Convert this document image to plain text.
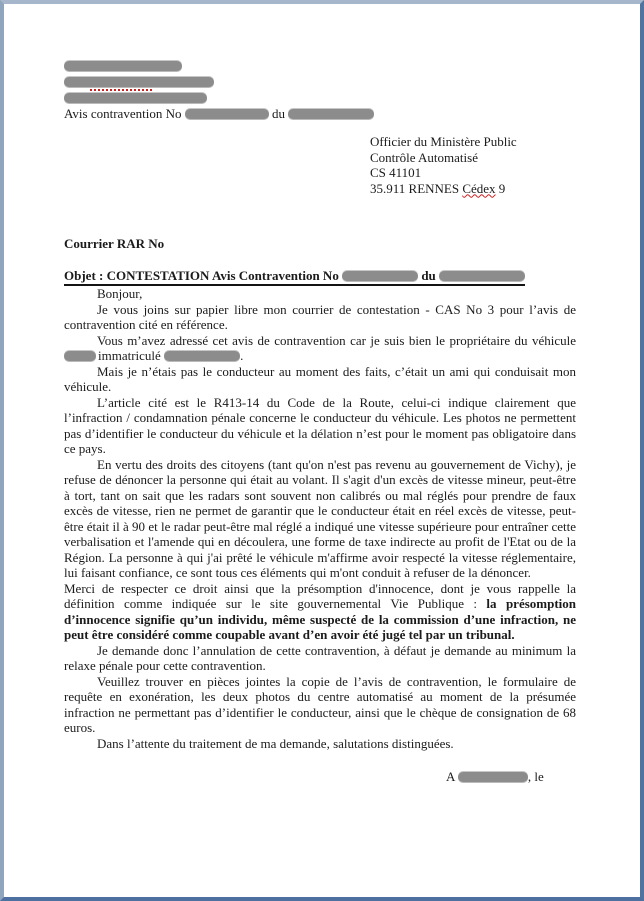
Avis contravention No	du
Officier du Ministère Public
Contrôle Automatisé
CS 41101
35.911 RENNES Cédex 9
Courrier RAR No
Objet : CONTESTATION Avis Contravention No	du

Bonjour,

Je vous joins sur papier libre mon courrier de contestation - CAS No 3 pour l’avis de contravention cité en référence.

Vous m’avez adressé cet avis de contravention car je suis bien le propriétaire du véhicule immatriculé	.

Mais je n’étais pas le conducteur au moment des faits, c’était un ami qui conduisait mon véhicule.

L’article cité est le R413-14 du Code de la Route, celui-ci indique clairement que l’infraction / condamnation pénale concerne le conducteur du véhicule. Les photos ne permettent pas d’identifier le conducteur du véhicule et la délation n’est pour le moment pas obligatoire dans ce pays.

En vertu des droits des citoyens (tant qu'on n'est pas revenu au gouvernement de Vichy), je refuse de dénoncer la personne qui était au volant. Il s'agit d'un excès de vitesse mineur, peut-être à tort, tant on sait que les radars sont souvent non calibrés ou mal réglés pour prendre de faux excès de vitesse, rien ne permet de garantir que le conducteur était en réel excès de vitesse, peut-être était il à 90 et le radar peut-être mal réglé a indiqué une vitesse supérieure pour entraîner cette verbalisation et l'amende qui en découlera, une forme de taxe indirecte au profit de l'Etat ou de la Région. La personne à qui j'ai prêté le véhicule m'affirme avoir respecté la vitesse réglementaire, lui faisant confiance, ce sont tous ces éléments qui m'ont conduit à refuser de la dénoncer.

Merci de respecter ce droit ainsi que la présomption d'innocence, dont je vous rappelle la définition comme indiquée sur le site gouvernemental Vie Publique : la présomption d’innocence signifie qu’un individu, même suspecté de la commission d’une infraction, ne peut être considéré comme coupable avant d’en avoir été jugé tel par un tribunal.

Je demande donc l’annulation de cette contravention, à défaut je demande au minimum la relaxe pénale pour cette contravention.

Veuillez trouver en pièces jointes la copie de l’avis de contravention, le formulaire de requête en exonération, les deux photos du centre automatisé au moment de la présumée infraction ne permettant pas d’identifier le conducteur, ainsi que le chèque de consignation de 68 euros.

Dans l’attente du traitement de ma demande, salutations distinguées.

A	, le
